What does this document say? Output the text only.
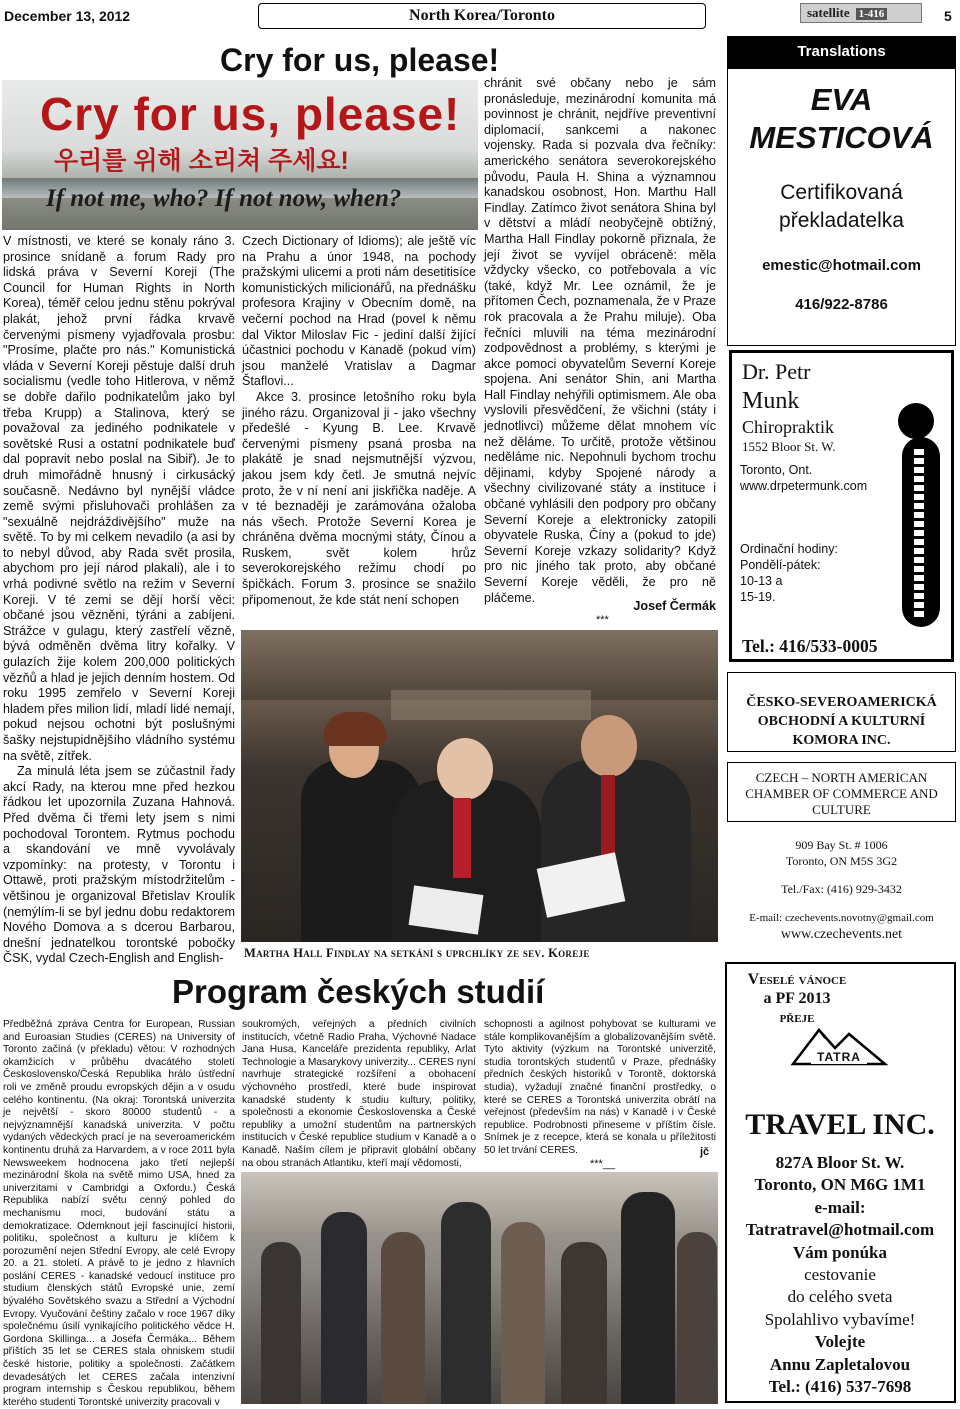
December 13, 2012	North Korea/Toronto	satellite 1-416	5
Cry for us, please!
Cry for us, please!
우리를 위해 소리쳐 주세요!
If not me, who? If not now, when?

V místnosti, ve které se konaly ráno 3. prosince snídaně a forum Rady pro lidská práva v Severní Koreji (The Council for Human Rights in North Korea), téměř celou jednu stěnu pokrýval plakát, jehož první řádka krvavě červenými písmeny vyjadřovala prosbu: "Prosíme, plačte pro nás." Komunistická vláda v Severní Koreji pěstuje další druh socialismu (vedle toho Hitlerova, v němž se dobře dařilo podnikatelům jako byl třeba Krupp) a Stalinova, který se považoval za jediného podnikatele v sovětské Rusi a ostatní podnikatele buď dal popravit nebo poslal na Sibiř). Je to druh mimořádně hnusný i cirkusácký současně. Nedávno byl nynější vládce země svými přisluhovači prohlášen za "sexuálně nejdráždivějšího" muže na světě. To by mi celkem nevadilo (a asi by to nebyl důvod, aby Rada svět prosila, abychom pro její národ plakali), ale i to vrhá podivné světlo na režim v Severní Koreji. V té zemi se dějí horší věci: občané jsou vězněni, týráni a zabíjeni. Strážce v gulagu, který zastřelí vězně, bývá odměněn dvěma litry kořalky. V gulazích žije kolem 200,000 politických vězňů a hlad je jejich denním hostem. Od roku 1995 zemřelo v Severní Koreji hladem přes milion lidí, mladí lidé nemají, pokud nejsou ochotni být poslušnými šašky nejstupidnějšího vládního systému na světě, zítřek.

Za minulá léta jsem se zúčastnil řady akcí Rady, na kterou mne před hezkou řádkou let upozornila Zuzana Hahnová. Před dvěma či třemi lety jsem s nimi pochodoval Torontem. Rytmus pochodu a skandování ve mně vyvolávaly vzpomínky: na protesty, v Torontu i Ottawě, proti pražským místodržitelům - většinou je organizoval Břetislav Kroulík (nemýlím-li se byl jednu dobu redaktorem Nového Domova a s dcerou Barbarou, dnešní jednatelkou torontské pobočky ČSK, vydal Czech-English and English-

Czech Dictionary of Idioms); ale ještě víc na Prahu a únor 1948, na pochody pražskými ulicemi a proti nám desetitisíce komunistických milicionářů, na přednášku profesora Krajiny v Obecním domě, na večerní pochod na Hrad (povel k němu dal Viktor Miloslav Fic - jediní další žijící účastnici pochodu v Kanadě (pokud vím) jsou manželé Vratislav a Dagmar Štaflovi...

Akce 3. prosince letošního roku byla jiného rázu. Organizoval ji - jako všechny předešlé - Kyung B. Lee. Krvavě červenými písmeny psaná prosba na plakátě je snad nejsmutnější výzvou, jakou jsem kdy četl. Je smutná nejvíc proto, že v ní není ani jiskřička naděje. A v té beznaději je zarámována ožaloba nás všech. Protože Severní Korea je chráněna dvěma mocnými státy, Čínou a Ruskem, svět kolem hrůz severokorejského režimu chodí po špičkách. Forum 3. prosince se snažilo připomenout, že kde stát není schopen

chránit své občany nebo je sám pronásleduje, mezinárodní komunita má povinnost je chránit, nejdříve preventivní diplomacií, sankcemi a nakonec vojensky. Rada si pozvala dva řečníky: amerického senátora severokorejského původu, Paula H. Shina a významnou kanadskou osobnost, Hon. Marthu Hall Findlay. Zatímco život senátora Shina byl v dětství a mládí neobyčejně obtížný, Martha Hall Findlay pokorně přiznala, že její život se vyvíjel obráceně: měla vždycky všecko, co potřebovala a víc (také, když Mr. Lee oznámil, že je přítomen Čech, poznamenala, že v Praze rok pracovala a že Prahu miluje). Oba řečníci mluvili na téma mezinárodní zodpovědnost a problémy, s kterými je akce pomoci obyvatelům Severní Koreje spojena. Ani senátor Shin, ani Martha Hall Findlay nehýřili optimismem. Ale oba vyslovili přesvědčení, že všichni (státy i jednotlivci) můžeme dělat mnohem víc než děláme. To určitě, protože většinou neděláme nic. Nepohnuli bychom trochu dějinami, kdyby Spojené národy a všechny civilizované státy a instituce i občané vyhlásili den podpory pro občany Severní Koreje a elektronicky zatopili obyvatele Ruska, Číny a (pokud to jde) Severní Koreje vzkazy solidarity? Když pro nic jiného tak proto, aby občané Severní Koreje věděli, že pro ně pláčeme.

Josef Čermák
***
Martha Hall Findlay na setkání s uprchlíky ze sev. Koreje
Program českých studií

Předběžná zpráva Centra for European, Russian and Euroasian Studies (CERES) na University of Toronto začíná (v překladu) větou: V rozhodných okamžicích v průběhu dvacátého století Československo/Česká Republika hrálo ústřední roli ve změně proudu evropských dějin a v osudu celého kontinentu. (Na okraj: Torontská univerzita je největší - skoro 80000 studentů - a nejvýznamnější kanadská univerzita. V počtu vydaných vědeckých prací je na severoamerickém kontinentu druhá za Harvardem, a v roce 2011 byla Newsweekem hodnocena jako třetí nejlepší mezinárodní škola na světě mimo USA, hned za univerzitami v Cambridgi a Oxfordu.) Česká Republika nabízí světu cenný pohled do mechanismu moci, budování státu a demokratizace. Odemknout její fascinující historii, politiku, společnost a kulturu je klíčem k porozumění nejen Střední Evropy, ale celé Evropy 20. a 21. století. A právě to je jedno z hlavních poslání CERES - kanadské vedoucí instituce pro studium členských států Evropské unie, zemí bývalého Sovětského svazu a Střední a Východní Evropy. Vyučování češtiny začalo v roce 1967 díky společnému úsilí vynikajícího politického vědce H. Gordona Skillinga... a Josefa Čermáka... Během příštích 35 let se CERES stala ohniskem studií české historie, politiky a společnosti. Začátkem devadesátých let CERES začala intenzivní program internship s Českou republikou, během kterého studenti Torontské univerzity pracovali v

soukromých, veřejných a předních civilních institucích, včetně Radio Praha, Výchovné Nadace Jana Husa, Kanceláře prezidenta republiky, Arlat Technologie a Masarykovy univerzity... CERES nyní navrhuje strategické rozšíření a obohacení výchovného prostředí, které bude inspirovat kanadské studenty k studiu kultury, politiky, společnosti a ekonomie Československa a České republiky a umožní studentům na partnerských institucích v České republice studium v Kanadě a o Kanadě. Naším cílem je připravit globální občany na obou stranách Atlantiku, kteří mají vědomosti,

schopnosti a agilnost pohybovat se kulturami ve stále komplikovanějším a globalizovanějším světě. Tyto aktivity (výzkum na Torontské univerzitě, studia torontských studentů v Praze, přednášky předních českých historiků v Torontě, doktorská studia), vyžadují značné finanční prostředky, o které se CERES a Torontská univerzita obrátí na veřejnost (především na nás) v Kanadě i v České republice. Podrobnosti přineseme v příštím čísle. Snímek je z recepce, která se konala u příležitosti 50 let trvání CERES.	jč
***__
Translations
EVA MESTICOVÁ
Certifikovaná překladatelka
emestic@hotmail.com
416/922-8786
Dr. Petr
Munk
Chiropraktik
1552 Bloor St. W.
Toronto, Ont.
www.drpetermunk.com
Ordinační hodiny:
Pondělí-pátek:
10-13 a
15-19.
Tel.: 416/533-0005
ČESKO-SEVEROAMERICKÁ OBCHODNÍ A KULTURNÍ KOMORA INC.
CZECH – NORTH AMERICAN CHAMBER OF COMMERCE AND CULTURE
909 Bay St. # 1006
Toronto, ON M5S 3G2
Tel./Fax: (416) 929-3432
E-mail: czechevents.novotny@gmail.com
www.czechevents.net
Veselé vánoce
a PF 2013
přeje
TATRA
TRAVEL INC.
827A Bloor St. W.
Toronto, ON M6G 1M1
e-mail:
Tatratravel@hotmail.com
Vám ponúka
cestovanie
do celého sveta
Spolahlivo vybavíme!
Volejte
Annu Zapletalovou
Tel.: (416) 537-7698
